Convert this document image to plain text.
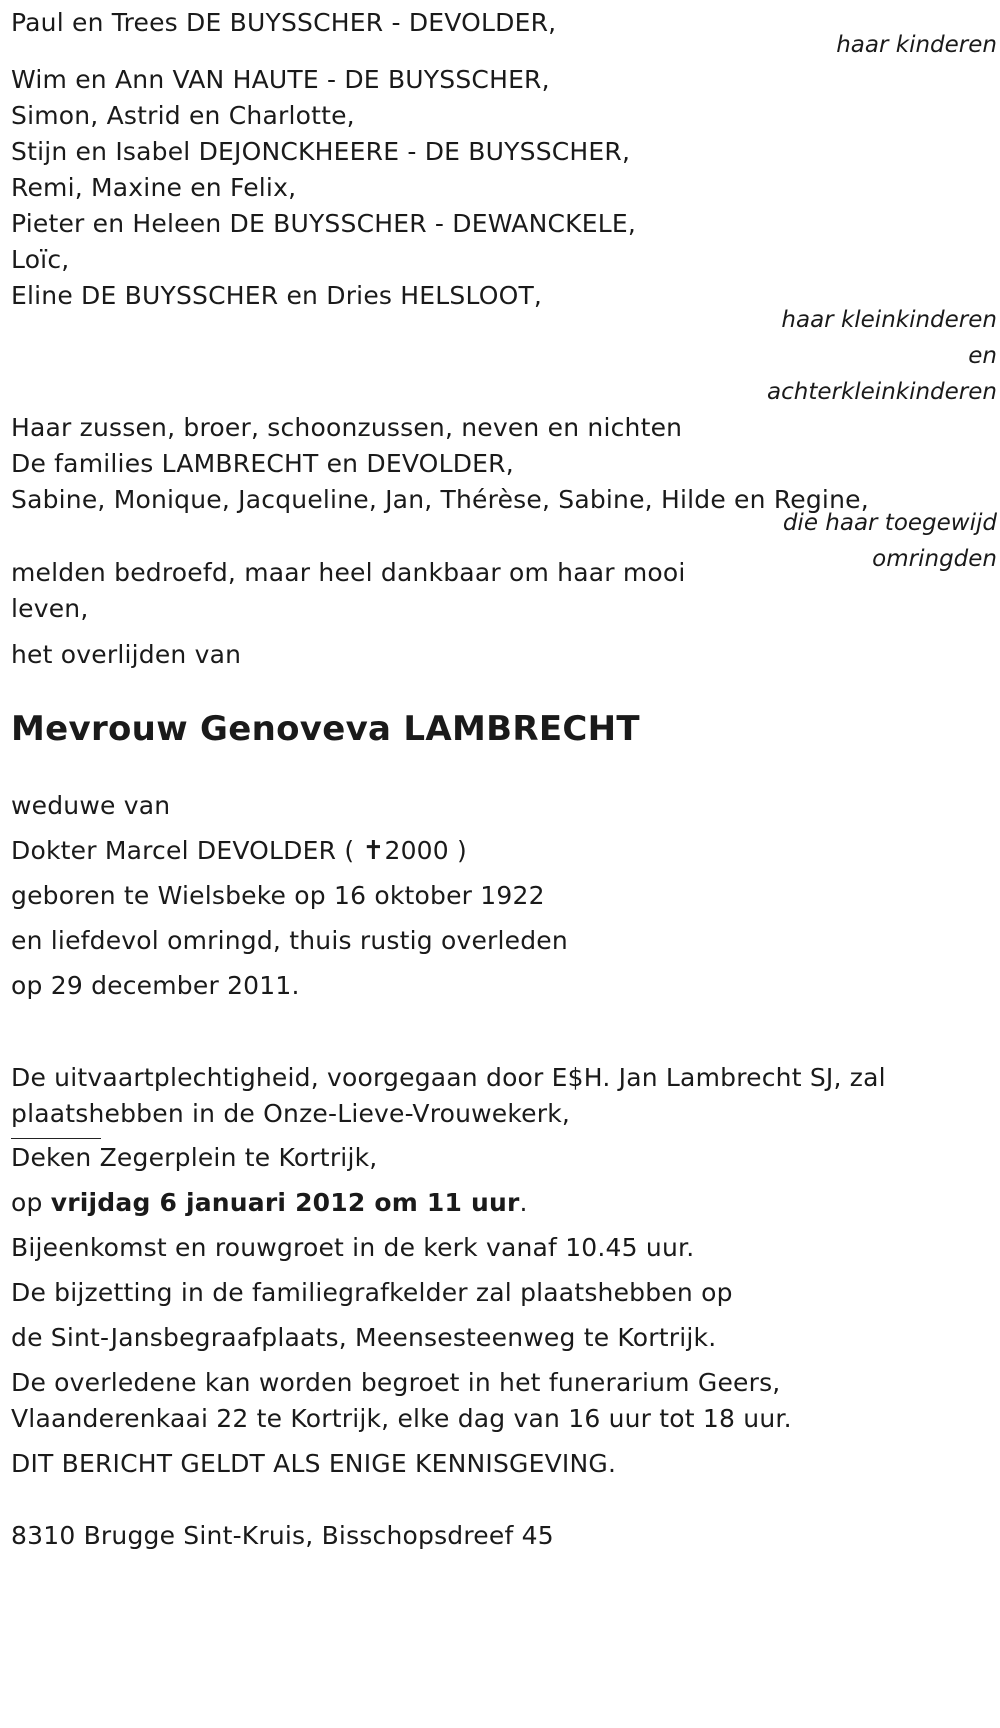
Paul en Trees DE BUYSSCHER - DEVOLDER,
haar kinderen
Wim en Ann VAN HAUTE - DE BUYSSCHER,
Simon, Astrid en Charlotte,
Stijn en Isabel DEJONCKHEERE - DE BUYSSCHER,
Remi, Maxine en Felix,
Pieter en Heleen DE BUYSSCHER - DEWANCKELE,
Loïc,
Eline DE BUYSSCHER en Dries HELSLOOT,
haar kleinkinderen
en
achterkleinkinderen
Haar zussen, broer, schoonzussen, neven en nichten
De families LAMBRECHT en DEVOLDER,
Sabine, Monique, Jacqueline, Jan, Thérèse, Sabine, Hilde en Regine,
die haar toegewijd
omringden
melden bedroefd, maar heel dankbaar om haar mooi
leven,
het overlijden van
Mevrouw Genoveva LAMBRECHT
weduwe van
Dokter Marcel DEVOLDER ( ✝2000 )
geboren te Wielsbeke op 16 oktober 1922
en liefdevol omringd, thuis rustig overleden
op 29 december 2011.
De uitvaartplechtigheid, voorgegaan door E$H. Jan Lambrecht SJ, zal
plaatshebben in de Onze-Lieve-Vrouwekerk,
Deken Zegerplein te Kortrijk,
op vrijdag 6 januari 2012 om 11 uur.
Bijeenkomst en rouwgroet in de kerk vanaf 10.45 uur.
De bijzetting in de familiegrafkelder zal plaatshebben op
de Sint-Jansbegraafplaats, Meensesteenweg te Kortrijk.
De overledene kan worden begroet in het funerarium Geers,
Vlaanderenkaai 22 te Kortrijk, elke dag van 16 uur tot 18 uur.
DIT BERICHT GELDT ALS ENIGE KENNISGEVING.
8310 Brugge Sint-Kruis, Bisschopsdreef 45
